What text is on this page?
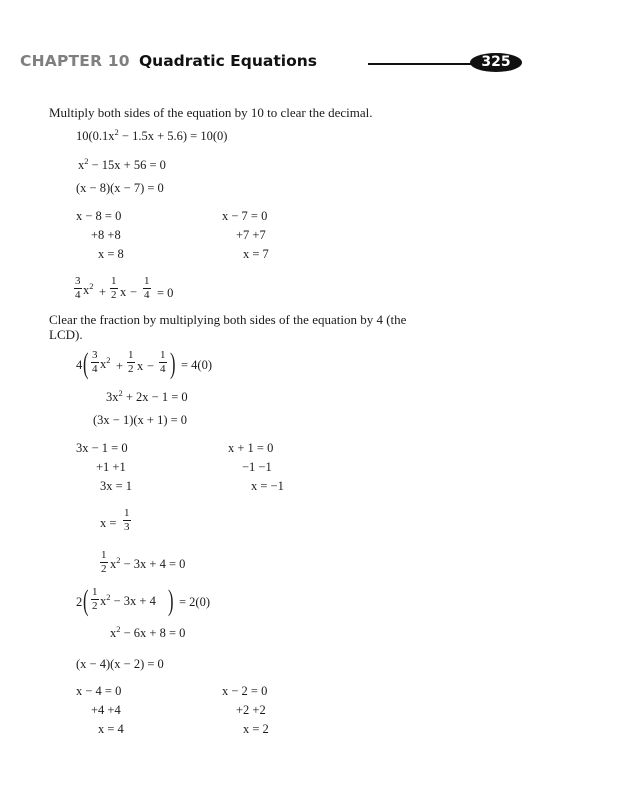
CHAPTER 10 Quadratic Equations	325
Multiply both sides of the equation by 10 to clear the decimal.
$10(0.1x^2 - 1.5x + 5.6) = 10(0)$
$x^2 - 15x + 56 = 0$
(x − 8)(x − 7) = 0
x − 8 = 0
+8 +8
x = 8
x − 7 = 0
+7 +7
x = 7
$\frac{3}{4} x^2 + \frac{1}{2}$ $x - \frac{1}{4} = 0$
Clear the fraction by multiplying both sides of the equation by 4 (the
LCD).
4 ( $\frac{3}{4} x^2 + \frac{1}{2}$ $x - \frac{1}{4}$ ) = 4(0)
$3x^2 + 2x - 1 = 0$
(3x − 1)(x + 1) = 0
3x − 1 = 0
+1 +1
3x = 1
$x = \frac{1}{3}$
x + 1 = 0
−1 −1
x = −1
$\frac{1}{2} x^2 - 3x + 4 = 0$
2 ( $\frac{1}{2} x^2 - 3x + 4$ ) = 2(0)
$x^2 - 6x + 8 = 0$
(x − 4)(x − 2) = 0
x − 4 = 0
+4 +4
x = 4
x − 2 = 0
+2 +2
x = 2
